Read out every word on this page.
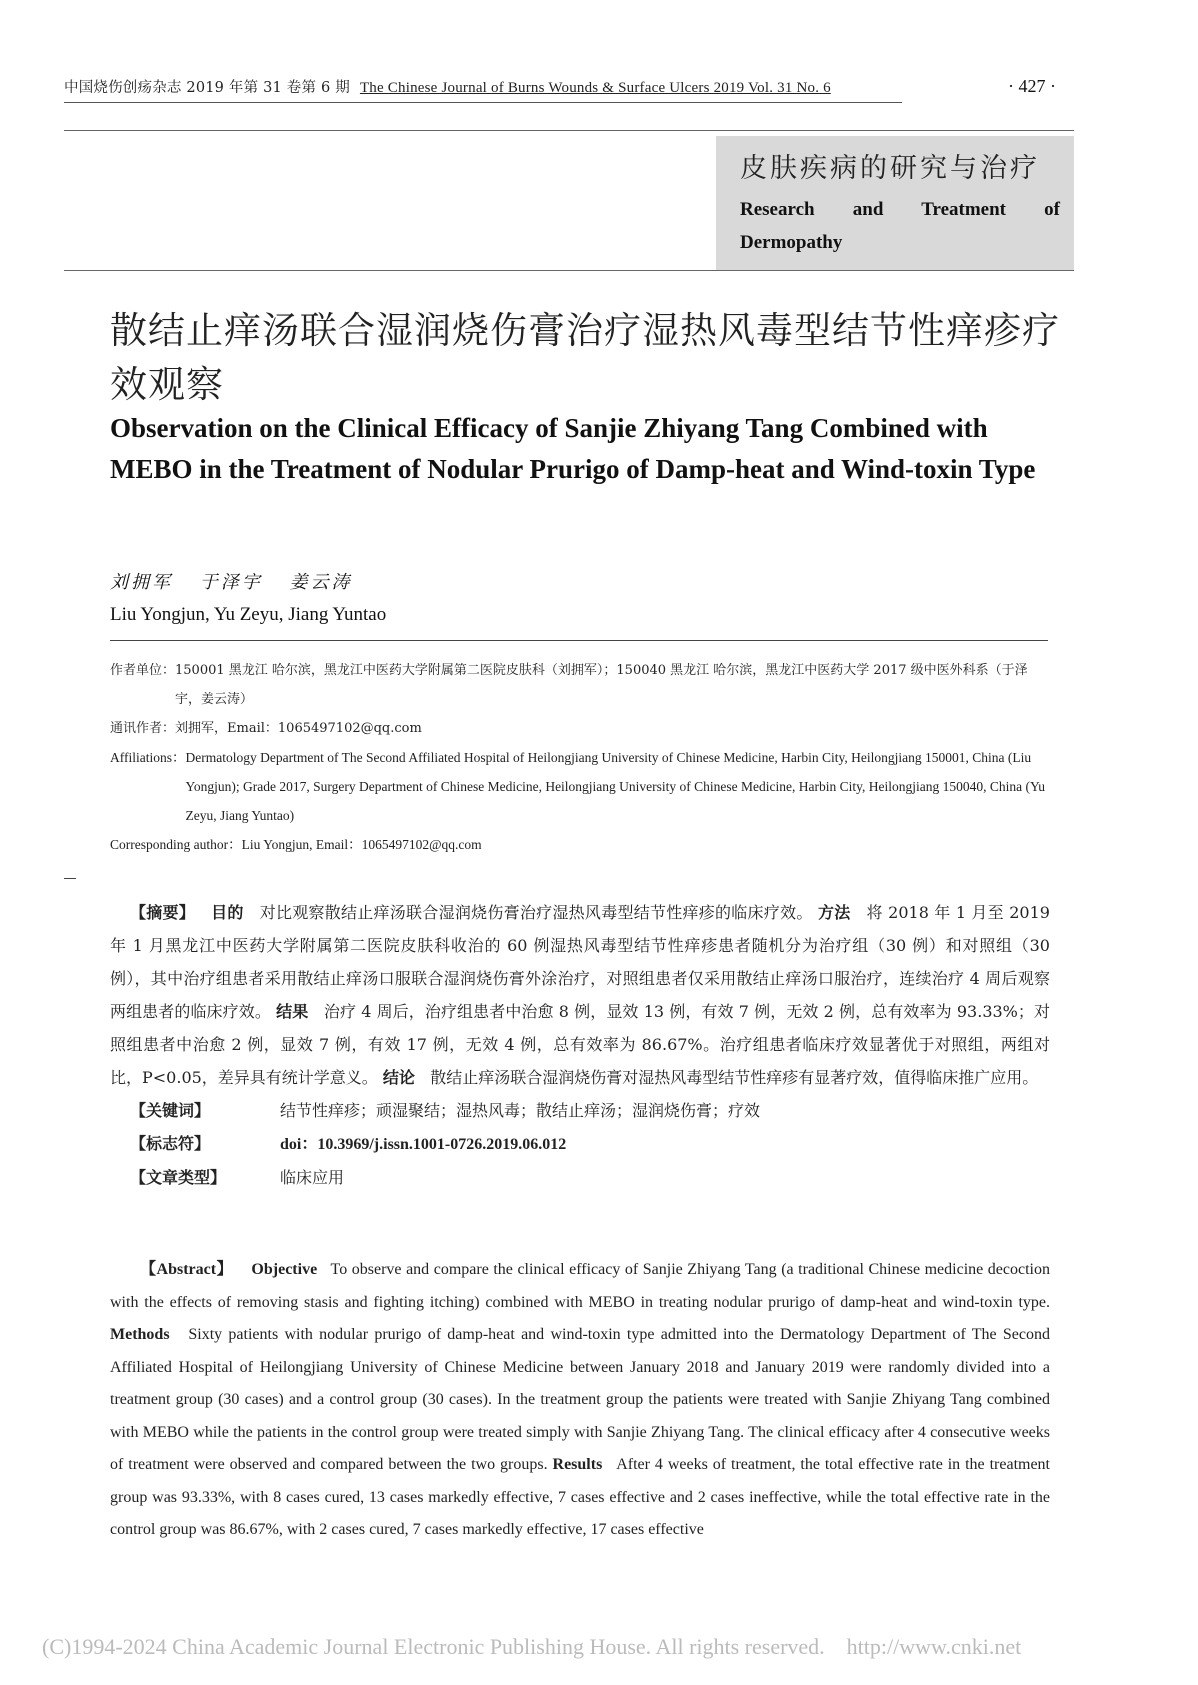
中国烧伤创疡杂志 2019 年第 31 卷第 6 期 The Chinese Journal of Burns Wounds & Surface Ulcers 2019 Vol. 31 No. 6	· 427 ·
皮肤疾病的研究与治疗
Research and Treatment of Dermopathy
散结止痒汤联合湿润烧伤膏治疗湿热风毒型结节性痒疹疗效观察
Observation on the Clinical Efficacy of Sanjie Zhiyang Tang Combined with MEBO in the Treatment of Nodular Prurigo of Damp-heat and Wind-toxin Type
刘拥军 于泽宇 姜云涛
Liu Yongjun, Yu Zeyu, Jiang Yuntao
作者单位： 150001 黑龙江 哈尔滨，黑龙江中医药大学附属第二医院皮肤科（刘拥军）；150040 黑龙江 哈尔滨，黑龙江中医药大学 2017 级中医外科系（于泽宇，姜云涛）
通讯作者： 刘拥军，Email：1065497102@qq.com
Affiliations： Dermatology Department of The Second Affiliated Hospital of Heilongjiang University of Chinese Medicine, Harbin City, Heilongjiang 150001, China (Liu Yongjun); Grade 2017, Surgery Department of Chinese Medicine, Heilongjiang University of Chinese Medicine, Harbin City, Heilongjiang 150040, China (Yu Zeyu, Jiang Yuntao)
Corresponding author： Liu Yongjun, Email：1065497102@qq.com
【摘要】 目的 对比观察散结止痒汤联合湿润烧伤膏治疗湿热风毒型结节性痒疹的临床疗效。 方法 将 2018 年 1 月至 2019 年 1 月黑龙江中医药大学附属第二医院皮肤科收治的 60 例湿热风毒型结节性痒疹患者随机分为治疗组（30 例）和对照组（30 例），其中治疗组患者采用散结止痒汤口服联合湿润烧伤膏外涂治疗，对照组患者仅采用散结止痒汤口服治疗，连续治疗 4 周后观察两组患者的临床疗效。 结果 治疗 4 周后，治疗组患者中治愈 8 例，显效 13 例，有效 7 例，无效 2 例，总有效率为 93.33%；对照组患者中治愈 2 例，显效 7 例，有效 17 例，无效 4 例，总有效率为 86.67%。治疗组患者临床疗效显著优于对照组，两组对比，P<0.05，差异具有统计学意义。 结论 散结止痒汤联合湿润烧伤膏对湿热风毒型结节性痒疹有显著疗效，值得临床推广应用。
【关键词】	结节性痒疹；顽湿聚结；湿热风毒；散结止痒汤；湿润烧伤膏；疗效
【标志符】	doi：10.3969/j.issn.1001-0726.2019.06.012
【文章类型】	临床应用
【Abstract】 Objective To observe and compare the clinical efficacy of Sanjie Zhiyang Tang (a traditional Chinese medicine decoction with the effects of removing stasis and fighting itching) combined with MEBO in treating nodular prurigo of damp-heat and wind-toxin type. Methods Sixty patients with nodular prurigo of damp-heat and wind-toxin type admitted into the Dermatology Department of The Second Affiliated Hospital of Heilongjiang University of Chinese Medicine between January 2018 and January 2019 were randomly divided into a treatment group (30 cases) and a control group (30 cases). In the treatment group the patients were treated with Sanjie Zhiyang Tang combined with MEBO while the patients in the control group were treated simply with Sanjie Zhiyang Tang. The clinical efficacy after 4 consecutive weeks of treatment were observed and compared between the two groups. Results After 4 weeks of treatment, the total effective rate in the treatment group was 93.33%, with 8 cases cured, 13 cases markedly effective, 7 cases effective and 2 cases ineffective, while the total effective rate in the control group was 86.67%, with 2 cases cured, 7 cases markedly effective, 17 cases effective
(C)1994-2024 China Academic Journal Electronic Publishing House. All rights reserved.    http://www.cnki.net
